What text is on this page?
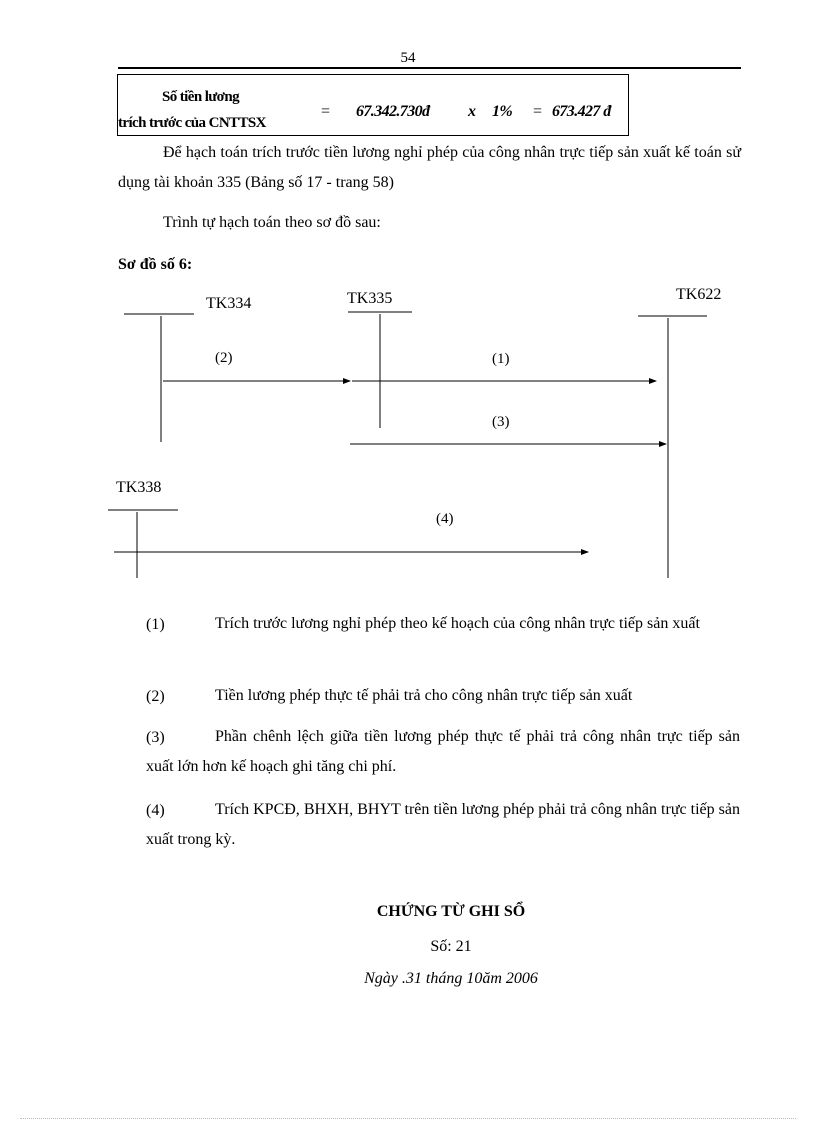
54
Số tiền lương
trích trước của CNTTSX
= 67.342.730đ x 1% = 673.427 đ
Để hạch toán trích trước tiền lương nghỉ phép của công nhân trực tiếp sản xuất kế toán sử dụng tài khoản 335 (Bảng số 17 - trang 58)
Trình tự hạch toán theo sơ đồ sau:
Sơ đồ số 6:
TK334	TK335	TK622
TK338
(2)	(1)
(3)
(4)
(1)	Trích trước lương nghỉ phép theo kế hoạch của công nhân trực tiếp sản xuất
(2)	Tiền lương phép thực tế phải trả cho công nhân trực tiếp sản xuất
(3)	Phần chênh lệch giữa tiền lương phép thực tế phải trả công nhân trực tiếp sản xuất lớn hơn kế hoạch ghi tăng chi phí.
(4)	Trích KPCĐ, BHXH, BHYT trên tiền lương phép phải trả công nhân trực tiếp sản xuất trong kỳ.
CHỨNG TỪ GHI SỔ
Số: 21
Ngày .31 tháng 10ăm 2006
